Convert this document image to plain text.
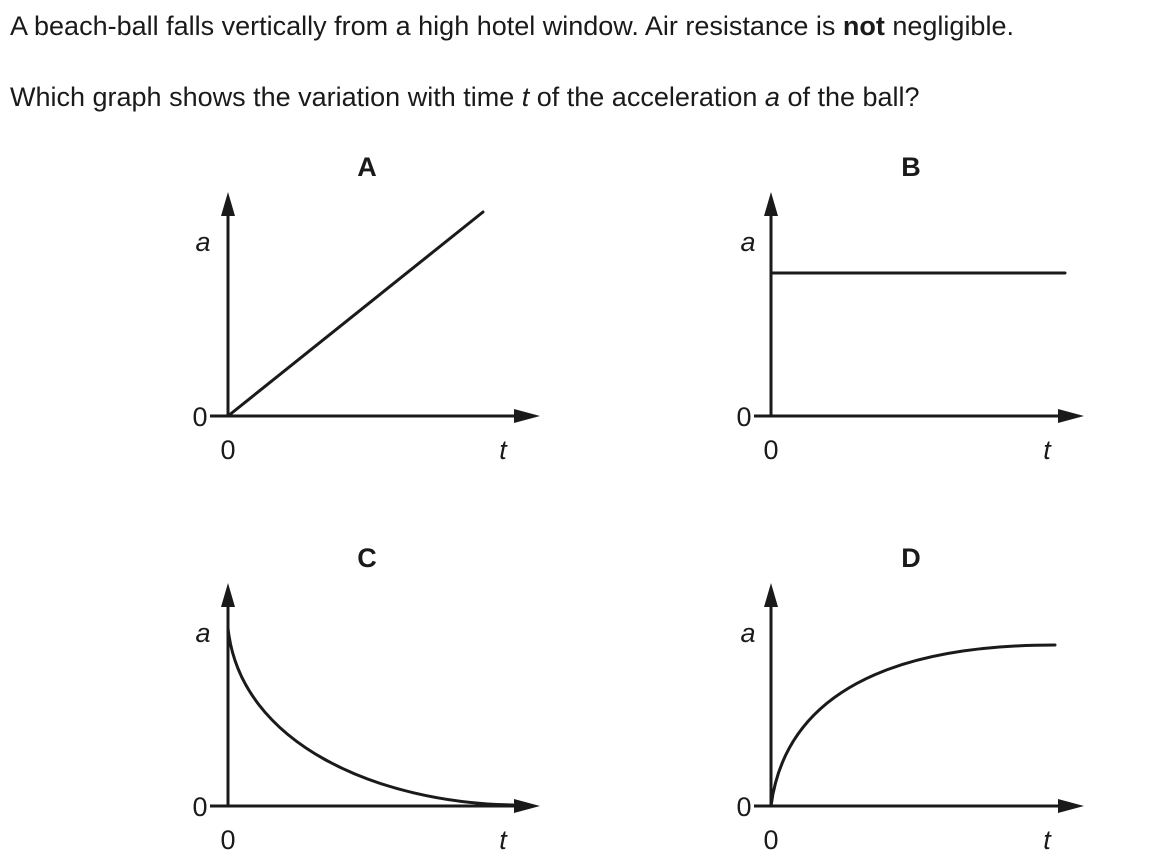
A beach-ball falls vertically from a high hotel window. Air resistance is not negligible.

Which graph shows the variation with time t of the acceleration a of the ball?

A
a
0
0	t
B
a
0
0	t
C
a
0
0	t
D
a
0
0	t
